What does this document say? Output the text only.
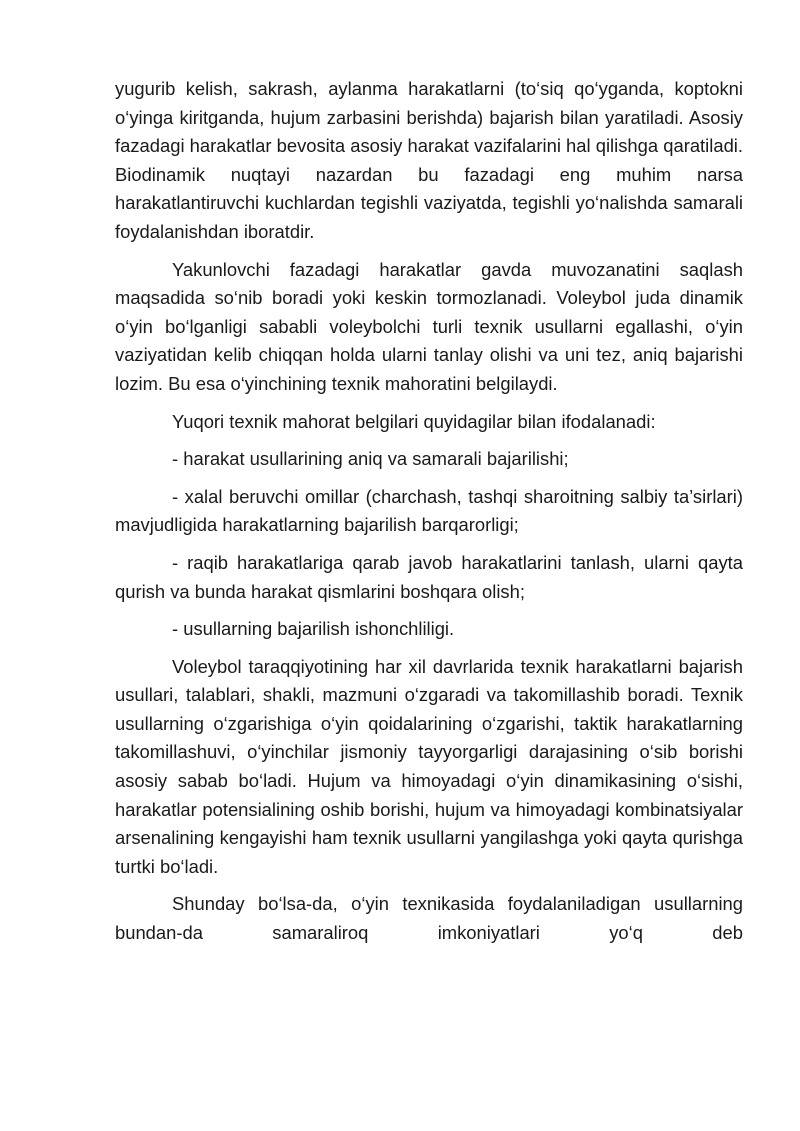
yugurib kelish, sakrash, aylanma harakatlarni (to‘siq qo‘yganda, koptokni o‘yinga kiritganda, hujum zarbasini berishda) bajarish bilan yaratiladi. Asosiy fazadagi harakatlar bevosita asosiy harakat vazifalarini hal qilishga qaratiladi. Biodinamik nuqtayi nazardan bu fazadagi eng muhim narsa harakatlantiruvchi kuchlardan tegishli vaziyatda, tegishli yo‘nalishda samarali foydalanishdan iboratdir.

Yakunlovchi fazadagi harakatlar gavda muvozanatini saqlash maqsadida so‘nib boradi yoki keskin tormozlanadi. Voleybol juda dinamik o‘yin bo‘lganligi sababli voleybolchi turli texnik usullarni egallashi, o‘yin vaziyatidan kelib chiqqan holda ularni tanlay olishi va uni tez, aniq bajarishi lozim. Bu esa o‘yinchining texnik mahoratini belgilaydi.

Yuqori texnik mahorat belgilari quyidagilar bilan ifodalanadi:

- harakat usullarining aniq va samarali bajarilishi;

- xalal beruvchi omillar (charchash, tashqi sharoitning salbiy ta’sirlari) mavjudligida harakatlarning bajarilish barqarorligi;

- raqib harakatlariga qarab javob harakatlarini tanlash, ularni qayta qurish va bunda harakat qismlarini boshqara olish;

- usullarning bajarilish ishonchliligi.

Voleybol taraqqiyotining har xil davrlarida texnik harakatlarni bajarish usullari, talablari, shakli, mazmuni o‘zgaradi va takomillashib boradi. Texnik usullarning o‘zgarishiga o‘yin qoidalarining o‘zgarishi, taktik harakatlarning takomillashuvi, o‘yinchilar jismoniy tayyorgarligi darajasining o‘sib borishi asosiy sabab bo‘ladi. Hujum va himoyadagi o‘yin dinamikasining o‘sishi, harakatlar potensialining oshib borishi, hujum va himoyadagi kombinatsiyalar arsenalining kengayishi ham texnik usullarni yangilashga yoki qayta qurishga turtki bo‘ladi.

Shunday bo‘lsa-da, o‘yin texnikasida foydalaniladigan usullarning bundan-da samaraliroq imkoniyatlari yo‘q deb
